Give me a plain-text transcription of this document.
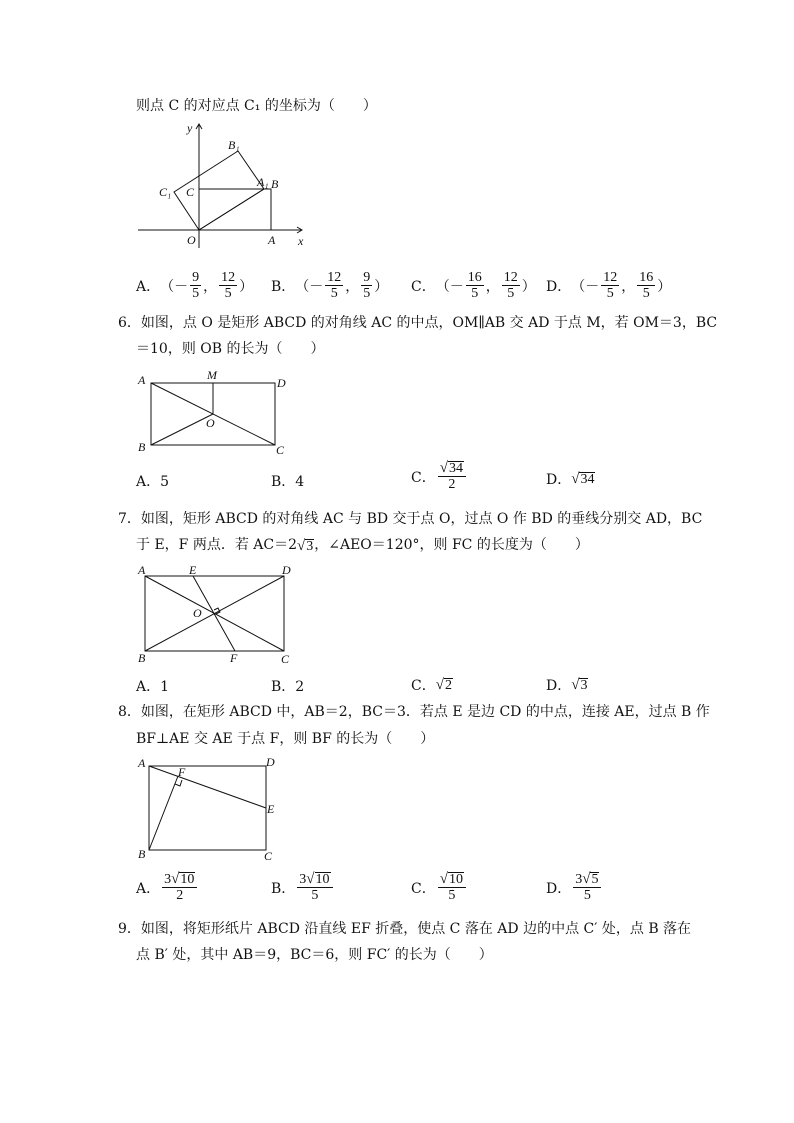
则点 C 的对应点 C₁ 的坐标为（　　）
y
B₁
C₁ C
A₁ B
O	A x
A． （－ $\frac{9}{5}$ ， $\frac{12}{5}$ ） B． （－ $\frac{12}{5}$ ， $\frac{9}{5}$ ） C． （－ $\frac{16}{5}$ ， $\frac{12}{5}$ ） D． （－ $\frac{12}{5}$ ， $\frac{16}{5}$ ）
6．如图，点 O 是矩形 ABCD 的对角线 AC 的中点，OM∥AB 交 AD 于点 M，若 OM＝3，BC
＝10，则 OB 的长为（　　）
A	M
D
O
B	C
A．5	B．4	C． $\frac{√ 34}{2}$	D． √ 34
7．如图，矩形 ABCD 的对角线 AC 与 BD 交于点 O，过点 O 作 BD 的垂线分别交 AD，BC
于 E，F 两点．若 AC＝2 √ 3 ，∠AEO＝120°，则 FC 的长度为（　　）
A	E	D
O
B	F	C
A．1	B．2	C． √ 2	D． √ 3
8．如图，在矩形 ABCD 中，AB＝2，BC＝3．若点 E 是边 CD 的中点，连接 AE，过点 B 作
BF⊥AE 交 AE 于点 F，则 BF 的长为（　　）
A
F
D
E
B	C
A． $\frac{3 √ 10}{2}$	B． $\frac{3 √ 10}{5}$	C． $\frac{√ 10}{5}$	D． $\frac{3 √ 5}{5}$
9．如图，将矩形纸片 ABCD 沿直线 EF 折叠，使点 C 落在 AD 边的中点 C′ 处，点 B 落在
点 B′ 处，其中 AB＝9，BC＝6，则 FC′ 的长为（　　）
